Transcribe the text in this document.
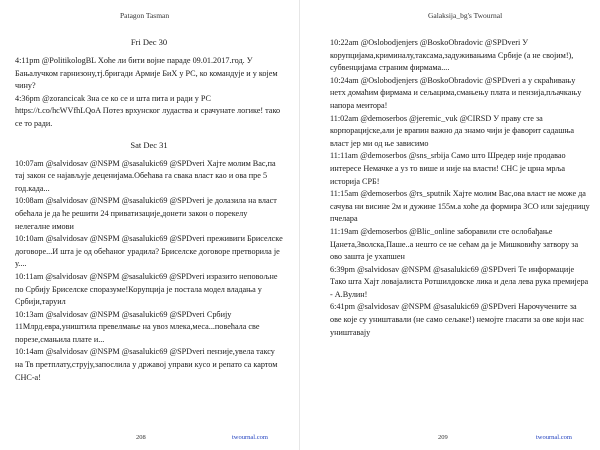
Patagon Tasman

Fri Dec 30

4:11pm @PolitikologBL Xohe ли бити војне параде 09.01.2017.год. У Бањалучком гарнизону,тј.бригади Армије БиХ у РС, ко командује и у којем чину?

4:36pm @zorancicak Зна се ко се и шта пита и ради у РС https://t.co/hcWVfhLQoA Потез врхунског лудаства и срачунате логике! тако се то ради.

Sat Dec 31

10:07am @salvidosav @NSPM @sasalukic69 @SPDveri Хајте молим Вас,па тај закон се најављује деценијама.Обећава га свака власт као и ова пре 5 год.када...

10:08am @salvidosav @NSPM @sasalukic69 @SPDveri је долазила на власт обећала је да ће решити 24 приватизације,донети закон о порекелу нелегалне имови

10:10am @salvidosav @NSPM @sasalukic69 @SPDveri преживиги Бриселске договоре...И шта је од обећаног урадила? Бриселске договоре претворила је у....

10:11am @salvidosav @NSPM @sasalukic69 @SPDveri изразито неповољне по Србију Бриселске споразуме!Корупција је постала модел владања у Србији,таруил

10:13am @salvidosav @NSPM @sasalukic69 @SPDveri Србију 11Млрд.евра,уништила превелмање на увоз млека,меса...повећала све порезе,смањила плате и...

10:14am @salvidosav @NSPM @sasalukic69 @SPDveri пензије,увела таксу на Тв претплату,струју,запослила у државој управи кусо и репато са картом СНС-а!

208	twournal.com
Galaksija_bg's Twournal

10:22am @Oslobodjenjers @BoskoObradovic @SPDveri У корупцијама,криминалу,таксама,задуживањима Србије (а не својим!), субвенцијама страним фирмама....

10:24am @Oslobodjenjers @BoskoObradovic @SPDveri а у скраћивању нетх домаћим фирмама и сељацима,смањењу плата и пензија,пљачкању напора меитора!

11:02am @demoserbos @jeremic_vuk @CIRSD У праву сте за корпорацијске,али је врапин важно да знамо чији је фаворит садашња власт јер ми од ње зависимо

11:11am @demoserbos @sns_srbija Само што Шредер није продавао интересе Немачке а уз то више и није на власти! СНС је црна мрља историја СРБ!

11:15am @demoserbos @rs_sputnik Хајте молим Вас,ова власт не може да сачува ни висине 2м и дужине 155м.а хоће да формира ЗСО или заједницу пчелара

11:19am @demoserbos @Blic_online заборавили сте ослобађање Цанета,Зволска,Паше..а нешто се не сећам да је Мишковићу затвору за ово зашта је ухапшен

6:39pm @salvidosav @NSPM @sasalukic69 @SPDveri Те информације Тако шта Хајт ловајалиста Ротшилдовске лика и дела лева рука премијера - А.Вулин!

6:41pm @salvidosav @NSPM @sasalukic69 @SPDveri Нарочучените за ове које су уништавали (не само сељаке!) немојте гласати за ове који нас уништавају

209	twournal.com
